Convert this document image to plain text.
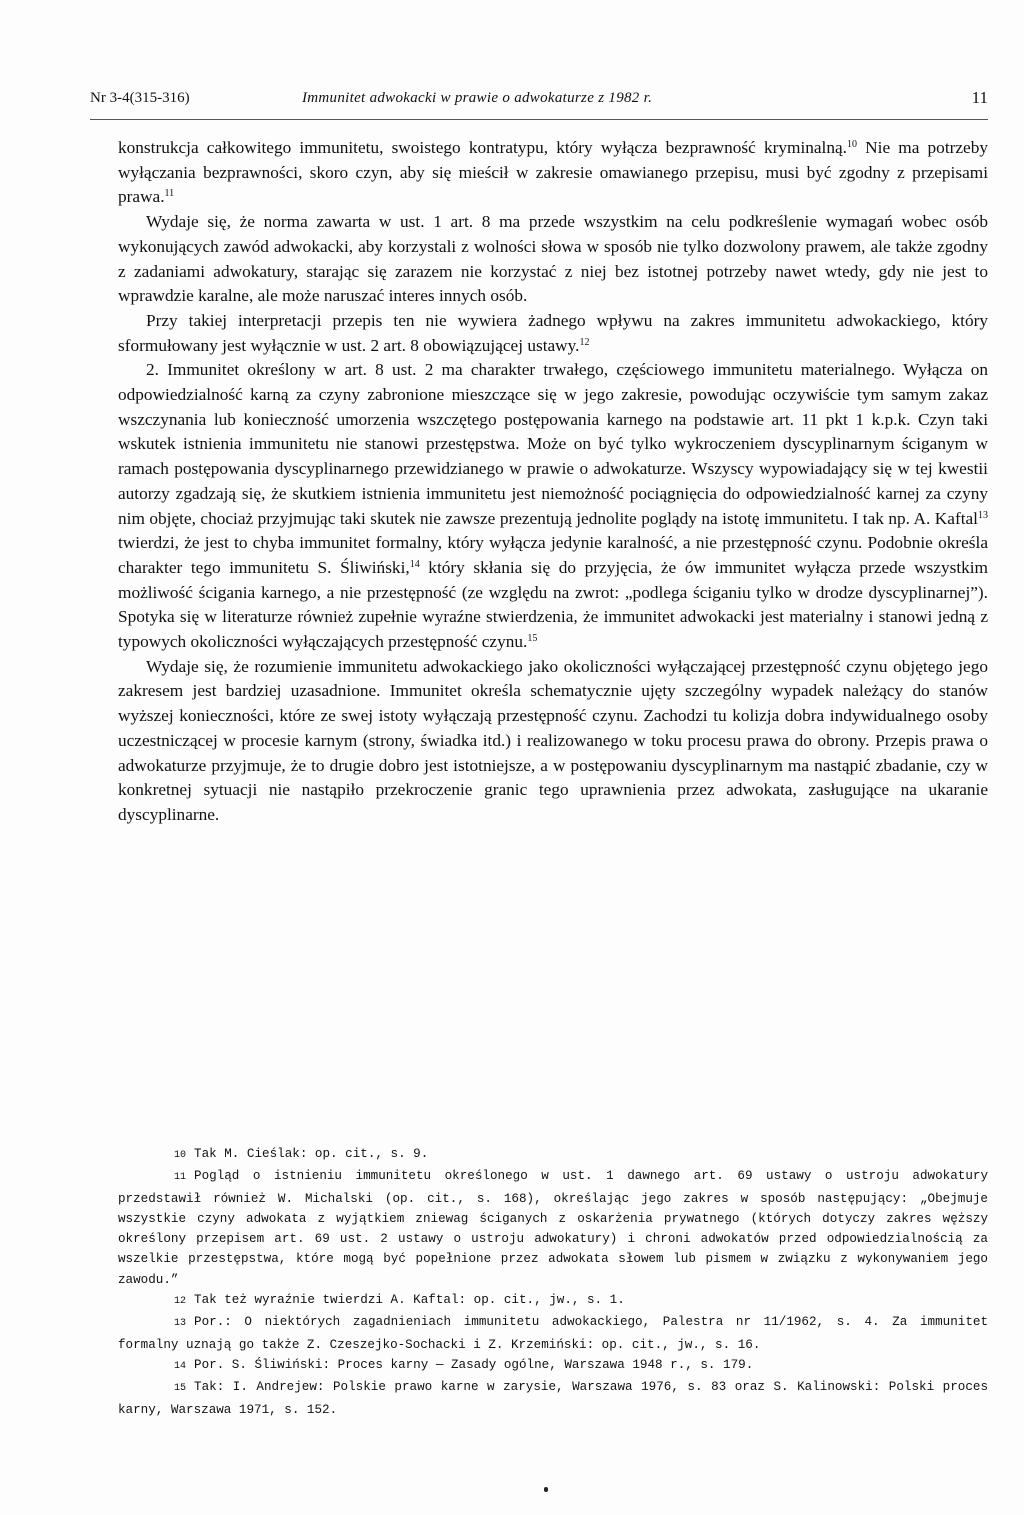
Nr 3-4(315-316)	Immunitet adwokacki w prawie o adwokaturze z 1982 r.	11

konstrukcja całkowitego immunitetu, swoistego kontratypu, który wyłącza bezprawność kryminalną.$^{10}$ Nie ma potrzeby wyłączania bezprawności, skoro czyn, aby się mieścił w zakresie omawianego przepisu, musi być zgodny z przepisami prawa.$^{11}$

Wydaje się, że norma zawarta w ust. 1 art. 8 ma przede wszystkim na celu podkreślenie wymagań wobec osób wykonujących zawód adwokacki, aby korzystali z wolności słowa w sposób nie tylko dozwolony prawem, ale także zgodny z zadaniami adwokatury, starając się zarazem nie korzystać z niej bez istotnej potrzeby nawet wtedy, gdy nie jest to wprawdzie karalne, ale może naruszać interes innych osób.

Przy takiej interpretacji przepis ten nie wywiera żadnego wpływu na zakres immunitetu adwokackiego, który sformułowany jest wyłącznie w ust. 2 art. 8 obowiązującej ustawy.$^{12}$

2. Immunitet określony w art. 8 ust. 2 ma charakter trwałego, częściowego immunitetu materialnego. Wyłącza on odpowiedzialność karną za czyny zabronione mieszczące się w jego zakresie, powodując oczywiście tym samym zakaz wszczynania lub konieczność umorzenia wszczętego postępowania karnego na podstawie art. 11 pkt 1 k.p.k. Czyn taki wskutek istnienia immunitetu nie stanowi przestępstwa. Może on być tylko wykroczeniem dyscyplinarnym ściganym w ramach postępowania dyscyplinarnego przewidzianego w prawie o adwokaturze. Wszyscy wypowiadający się w tej kwestii autorzy zgadzają się, że skutkiem istnienia immunitetu jest niemożność pociągnięcia do odpowiedzialność karnej za czyny nim objęte, chociaż przyjmując taki skutek nie zawsze prezentują jednolite poglądy na istotę immunitetu. I tak np. A. Kaftal$^{13}$ twierdzi, że jest to chyba immunitet formalny, który wyłącza jedynie karalność, a nie przestępność czynu. Podobnie określa charakter tego immunitetu S. Śliwiński,$^{14}$ który skłania się do przyjęcia, że ów immunitet wyłącza przede wszystkim możliwość ścigania karnego, a nie przestępność (ze względu na zwrot: „podlega ściganiu tylko w drodze dyscyplinarnej”). Spotyka się w literaturze również zupełnie wyraźne stwierdzenia, że immunitet adwokacki jest materialny i stanowi jedną z typowych okoliczności wyłączających przestępność czynu.$^{15}$

Wydaje się, że rozumienie immunitetu adwokackiego jako okoliczności wyłączającej przestępność czynu objętego jego zakresem jest bardziej uzasadnione. Immunitet określa schematycznie ujęty szczególny wypadek należący do stanów wyższej konieczności, które ze swej istoty wyłączają przestępność czynu. Zachodzi tu kolizja dobra indywidualnego osoby uczestniczącej w procesie karnym (strony, świadka itd.) i realizowanego w toku procesu prawa do obrony. Przepis prawa o adwokaturze przyjmuje, że to drugie dobro jest istotniejsze, a w postępowaniu dyscyplinarnym ma nastąpić zbadanie, czy w konkretnej sytuacji nie nastąpiło przekroczenie granic tego uprawnienia przez adwokata, zasługujące na ukaranie dyscyplinarne.

10 Tak M. Cieślak: op. cit., s. 9.

11 Pogląd o istnieniu immunitetu określonego w ust. 1 dawnego art. 69 ustawy o ustroju adwokatury przedstawił również W. Michalski (op. cit., s. 168), określając jego zakres w sposób następujący: „Obejmuje wszystkie czyny adwokata z wyjątkiem zniewag ściganych z oskarżenia prywatnego (których dotyczy zakres węższy określony przepisem art. 69 ust. 2 ustawy o ustroju adwokatury) i chroni adwokatów przed odpowiedzialnością za wszelkie przestępstwa, które mogą być popełnione przez adwokata słowem lub pismem w związku z wykonywaniem jego zawodu.”

12 Tak też wyraźnie twierdzi A. Kaftal: op. cit., jw., s. 1.

13 Por.: O niektórych zagadnieniach immunitetu adwokackiego, Palestra nr 11/1962, s. 4. Za immunitet formalny uznają go także Z. Czeszejko-Sochacki i Z. Krzemiński: op. cit., jw., s. 16.

14 Por. S. Śliwiński: Proces karny — Zasady ogólne, Warszawa 1948 r., s. 179.

15 Tak: I. Andrejew: Polskie prawo karne w zarysie, Warszawa 1976, s. 83 oraz S. Kalinowski: Polski proces karny, Warszawa 1971, s. 152.
